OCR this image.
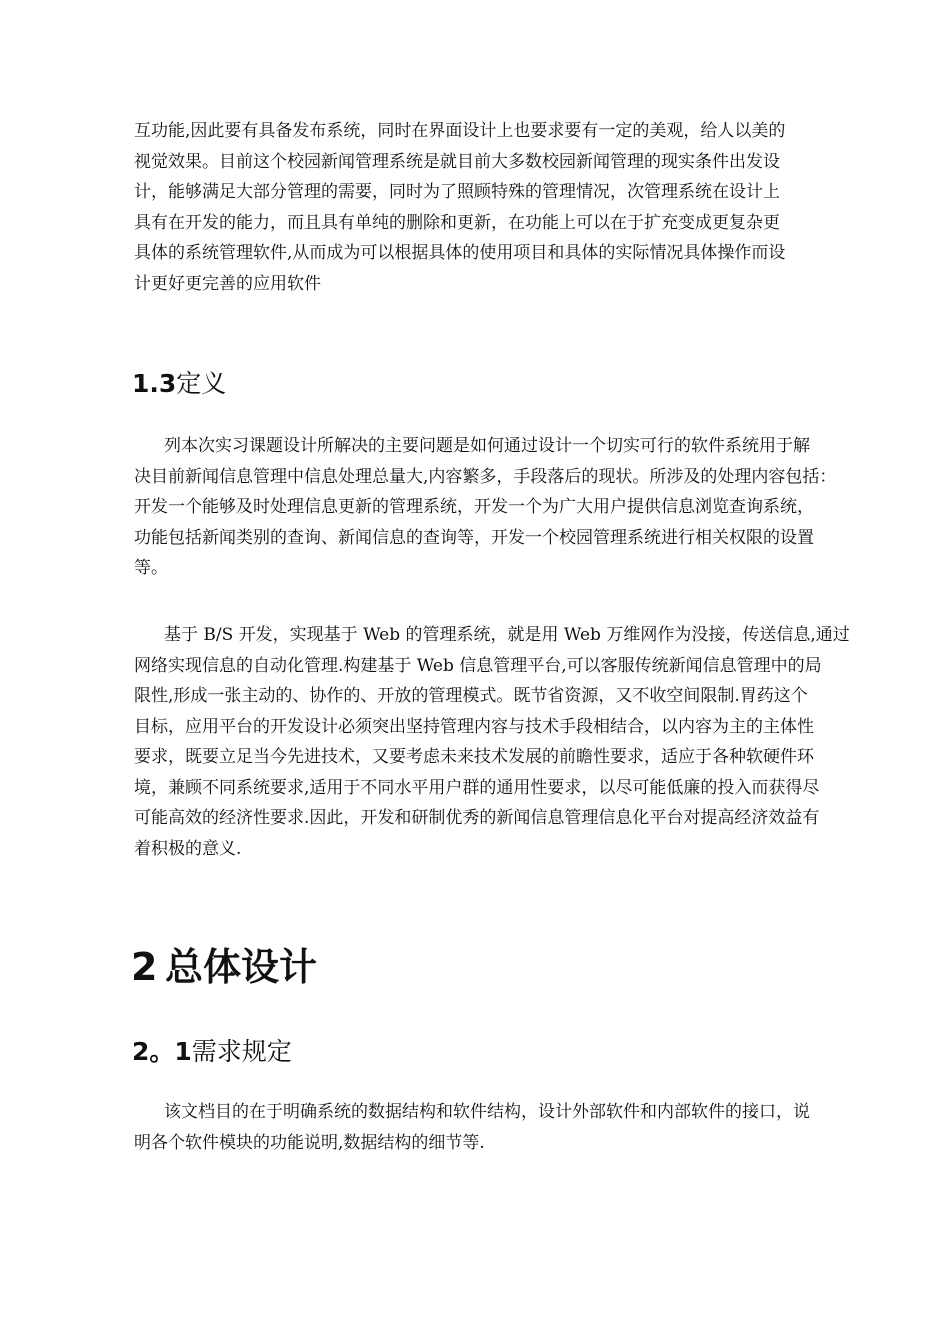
互功能,因此要有具备发布系统，同时在界面设计上也要求要有一定的美观，给人以美的
视觉效果。目前这个校园新闻管理系统是就目前大多数校园新闻管理的现实条件出发设
计，能够满足大部分管理的需要，同时为了照顾特殊的管理情况，次管理系统在设计上
具有在开发的能力，而且具有单纯的删除和更新，在功能上可以在于扩充变成更复杂更
具体的系统管理软件,从而成为可以根据具体的使用项目和具体的实际情况具体操作而设
计更好更完善的应用软件
1.3定义
列本次实习课题设计所解决的主要问题是如何通过设计一个切实可行的软件系统用于解
决目前新闻信息管理中信息处理总量大,内容繁多，手段落后的现状。所涉及的处理内容包括：
开发一个能够及时处理信息更新的管理系统，开发一个为广大用户提供信息浏览查询系统，
功能包括新闻类别的查询、新闻信息的查询等，开发一个校园管理系统进行相关权限的设置
等。
基于 B/S 开发，实现基于 Web 的管理系统，就是用 Web 万维网作为没接，传送信息,通过
网络实现信息的自动化管理.构建基于 Web 信息管理平台,可以客服传统新闻信息管理中的局
限性,形成一张主动的、协作的、开放的管理模式。既节省资源，又不收空间限制.胃药这个
目标，应用平台的开发设计必须突出坚持管理内容与技术手段相结合，以内容为主的主体性
要求，既要立足当今先进技术，又要考虑未来技术发展的前瞻性要求，适应于各种软硬件环
境，兼顾不同系统要求,适用于不同水平用户群的通用性要求，以尽可能低廉的投入而获得尽
可能高效的经济性要求.因此，开发和研制优秀的新闻信息管理信息化平台对提高经济效益有
着积极的意义.
2  总体设计
2。1需求规定
该文档目的在于明确系统的数据结构和软件结构，设计外部软件和内部软件的接口，说
明各个软件模块的功能说明,数据结构的细节等.
